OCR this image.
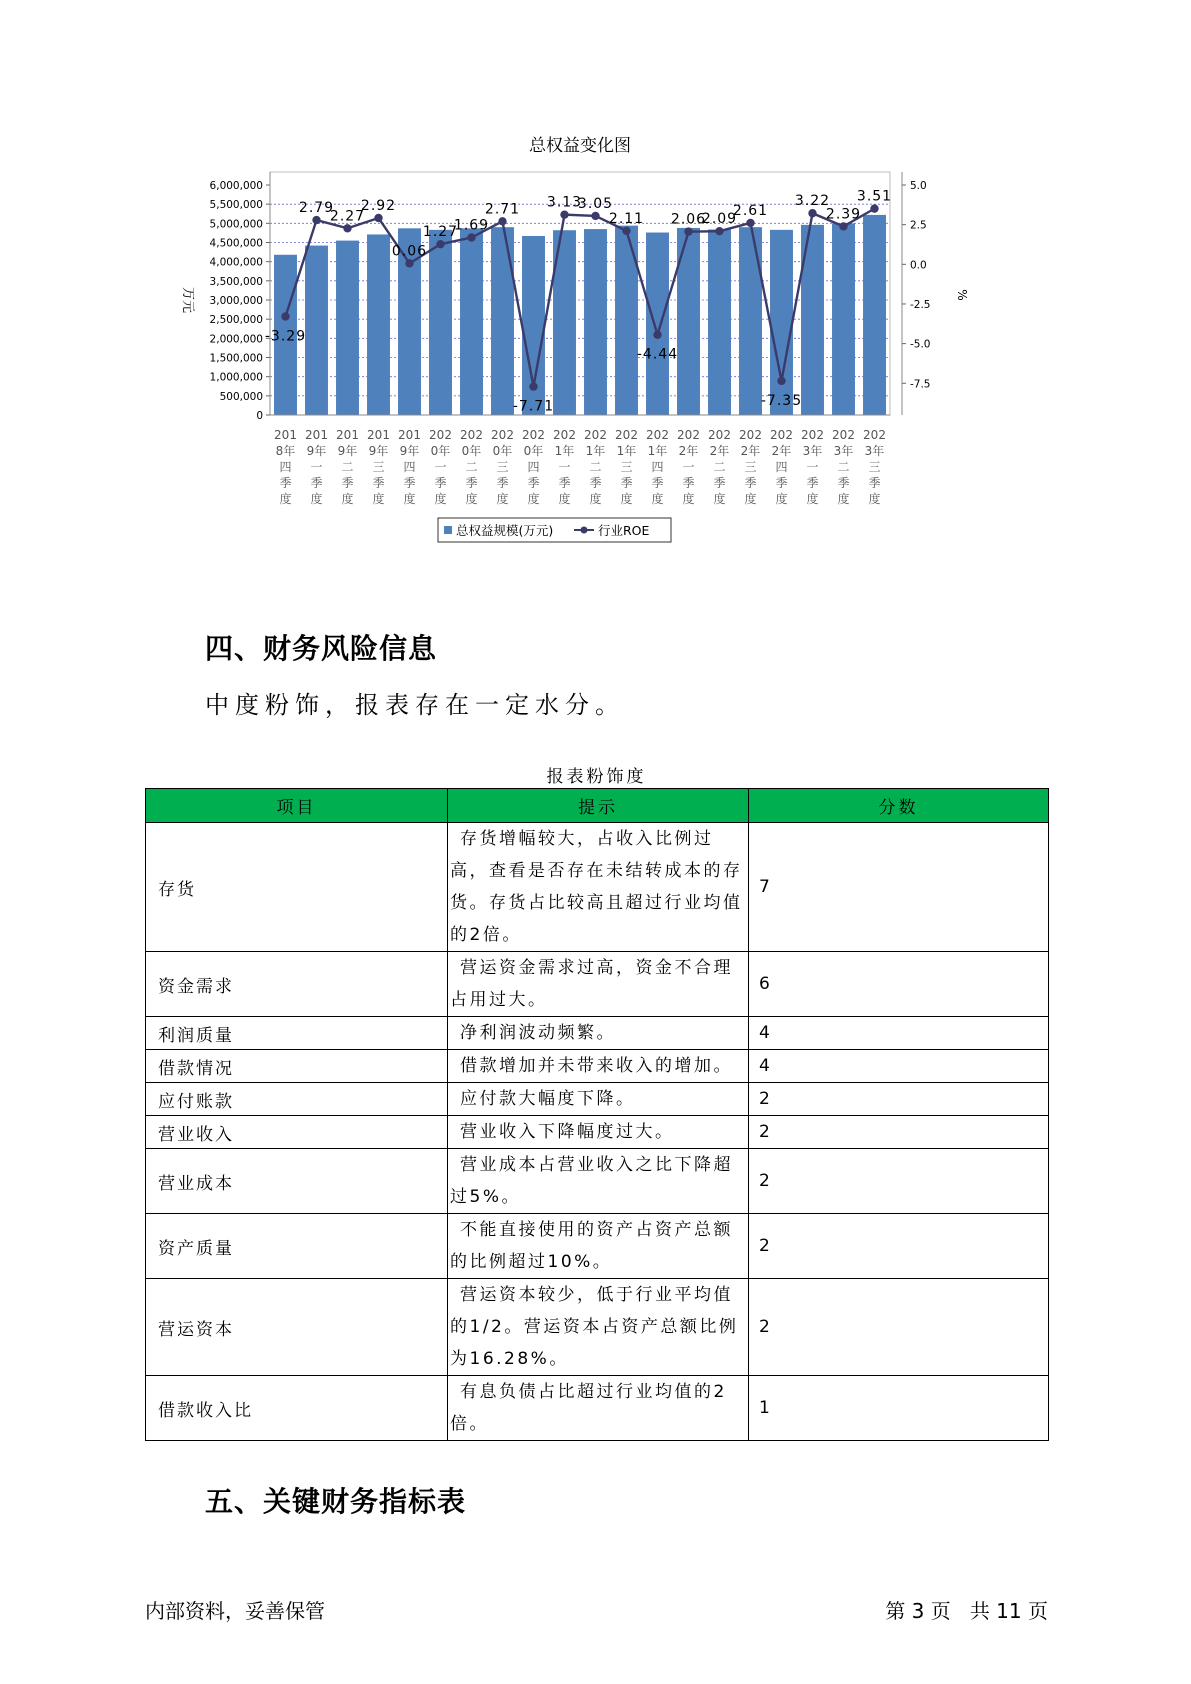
总权益变化图
6,000,000
5,500,000
5,000,000
4,500,000
4,000,000
3,500,000
3,000,000
2,500,000
2,000,000
1,500,000
1,000,000
500,000
0
万元
5.0
2.5
0.0
-2.5
-5.0
-7.5
%
-3.29
2.79
2.27
2.92
0.06
1.27
1.69
2.71
-7.71
3.13
3.05
2.11
-4.44
2.06
2.09
2.61
-7.35
3.22
2.39
3.51
201
8年
四
季
度
201
9年
一
季
度
201
9年
二
季
度
201
9年
三
季
度
201
9年
四
季
度
202
0年
一
季
度
202
0年
二
季
度
202
0年
三
季
度
202
0年
四
季
度
202
1年
一
季
度
202
1年
二
季
度
202
1年
三
季
度
202
1年
四
季
度
202
2年
一
季
度
202
2年
二
季
度
202
2年
三
季
度
202
2年
四
季
度
202
3年
一
季
度
202
3年
二
季
度
202
3年
三
季
度
总权益规模(万元)	行业ROE
四、财务风险信息
中度粉饰，报表存在一定水分。
报表粉饰度
项目	提示	分数
存货	存货增幅较大，占收入比例过高，查看是否存在未结转成本的存货。存货占比较高且超过行业均值的2倍。	7
资金需求	营运资金需求过高，资金不合理占用过大。	6
利润质量	净利润波动频繁。	4
借款情况	借款增加并未带来收入的增加。	4
应付账款	应付款大幅度下降。	2
营业收入	营业收入下降幅度过大。	2
营业成本	营业成本占营业收入之比下降超过5%。	2
资产质量	不能直接使用的资产占资产总额的比例超过10%。	2
营运资本	营运资本较少，低于行业平均值的1/2。营运资本占资产总额比例为16.28%。	2
借款收入比	有息负债占比超过行业均值的2倍。	1
五、关键财务指标表
内部资料，妥善保管	第 3 页   共 11 页
